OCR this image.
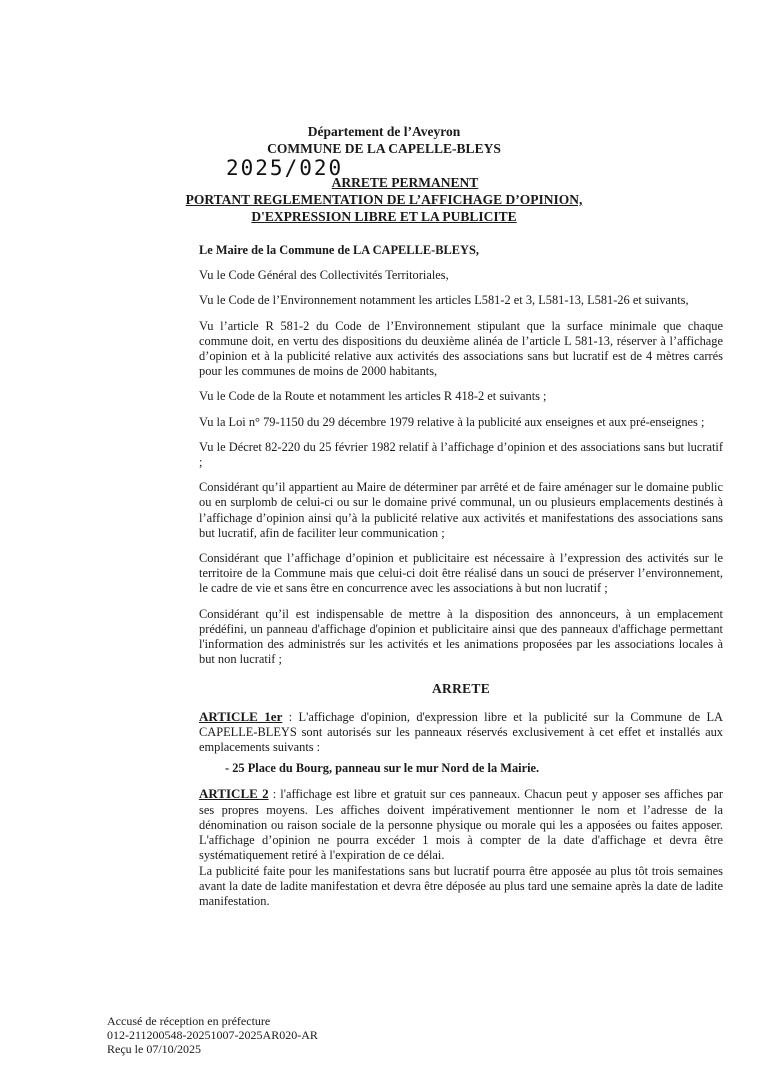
Département de l’Aveyron
COMMUNE DE LA CAPELLE-BLEYS
2025/020
ARRETE PERMANENT
PORTANT REGLEMENTATION DE L’AFFICHAGE D’OPINION,
D'EXPRESSION LIBRE ET LA PUBLICITE

Le Maire de la Commune de LA CAPELLE-BLEYS,

Vu le Code Général des Collectivités Territoriales,

Vu le Code de l’Environnement notamment les articles L581-2 et 3, L581-13, L581-26 et suivants,

Vu l’article R 581-2 du Code de l’Environnement stipulant que la surface minimale que chaque commune doit, en vertu des dispositions du deuxième alinéa de l’article L 581-13, réserver à l’affichage d’opinion et à la publicité relative aux activités des associations sans but lucratif est de 4 mètres carrés pour les communes de moins de 2000 habitants,

Vu le Code de la Route et notamment les articles R 418-2 et suivants ;

Vu la Loi n° 79-1150 du 29 décembre 1979 relative à la publicité aux enseignes et aux pré-enseignes ;

Vu le Décret 82-220 du 25 février 1982 relatif à l’affichage d’opinion et des associations sans but lucratif ;

Considérant qu’il appartient au Maire de déterminer par arrêté et de faire aménager sur le domaine public ou en surplomb de celui-ci ou sur le domaine privé communal, un ou plusieurs emplacements destinés à l’affichage d’opinion ainsi qu’à la publicité relative aux activités et manifestations des associations sans but lucratif, afin de faciliter leur communication ;

Considérant que l’affichage d’opinion et publicitaire est nécessaire à l’expression des activités sur le territoire de la Commune mais que celui-ci doit être réalisé dans un souci de préserver l’environnement, le cadre de vie et sans être en concurrence avec les associations à but non lucratif ;

Considérant qu’il est indispensable de mettre à la disposition des annonceurs, à un emplacement prédéfini, un panneau d'affichage d'opinion et publicitaire ainsi que des panneaux d'affichage permettant l'information des administrés sur les activités et les animations proposées par les associations locales à but non lucratif ;

ARRETE

ARTICLE 1er : L'affichage d'opinion, d'expression libre et la publicité sur la Commune de LA CAPELLE-BLEYS sont autorisés sur les panneaux réservés exclusivement à cet effet et installés aux emplacements suivants :

- 25 Place du Bourg, panneau sur le mur Nord de la Mairie.

ARTICLE 2 : l'affichage est libre et gratuit sur ces panneaux. Chacun peut y apposer ses affiches par ses propres moyens. Les affiches doivent impérativement mentionner le nom et l’adresse de la dénomination ou raison sociale de la personne physique ou morale qui les a apposées ou faites apposer. L'affichage d’opinion ne pourra excéder 1 mois à compter de la date d'affichage et devra être systématiquement retiré à l'expiration de ce délai.

La publicité faite pour les manifestations sans but lucratif pourra être apposée au plus tôt trois semaines avant la date de ladite manifestation et devra être déposée au plus tard une semaine après la date de ladite manifestation.

Accusé de réception en préfecture
012-211200548-20251007-2025AR020-AR
Reçu le 07/10/2025
